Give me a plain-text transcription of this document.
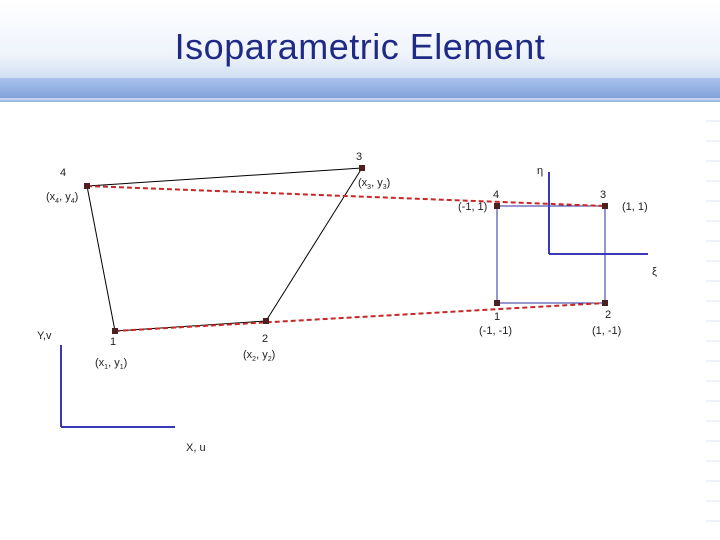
Isoparametric Element
1	2
3
4
($x_1$, $y_1$)
($x_2$, $y_2$)
($x_3$, $y_3$)
($x_4$, $y_4$)
Y,v
X, u
1	2
3
4
(-1, -1)	(1, -1)
(1, 1)
(-1, 1)
η
ξ
